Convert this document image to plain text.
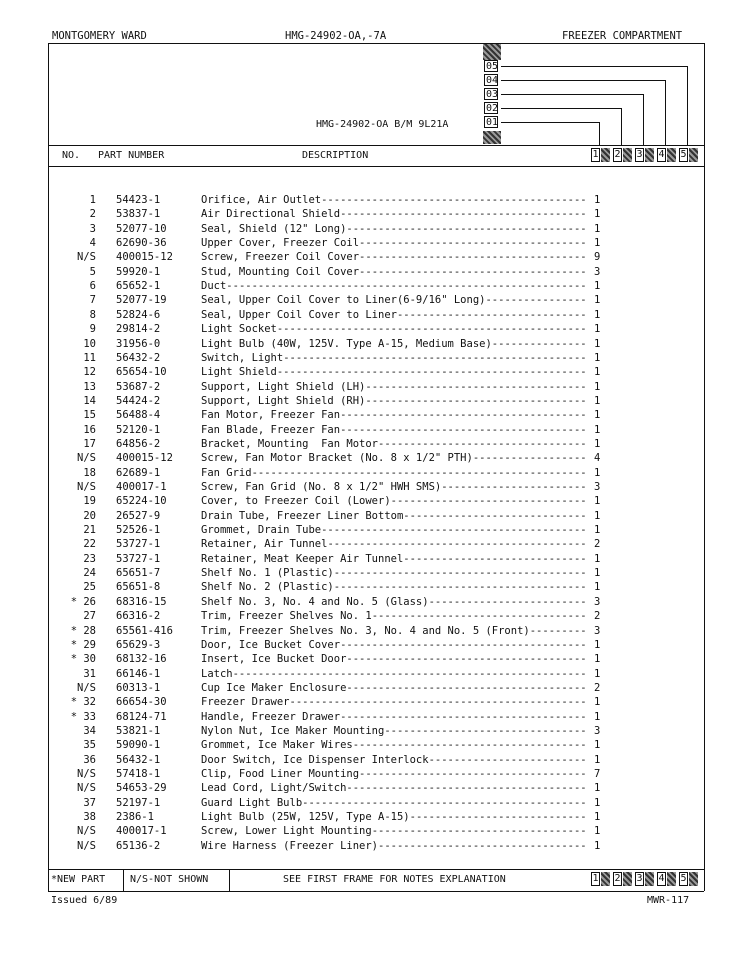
MONTGOMERY WARD	HMG-24902-OA,-7A	FREEZER COMPARTMENT
05
04
03
02
01
HMG-24902-OA B/M 9L21A
NO. PART NUMBER	DESCRIPTION	1 2 3 4 5
1 54423-1	Orifice, Air Outlet------------------------------------------ 1
2 53837-1	Air Directional Shield--------------------------------------- 1
3 52077-10	Seal, Shield (12" Long)-------------------------------------- 1
4 62690-36	Upper Cover, Freezer Coil------------------------------------ 1
N/S 400015-12	Screw, Freezer Coil Cover------------------------------------ 9
5 59920-1	Stud, Mounting Coil Cover------------------------------------ 3
6 65652-1	Duct--------------------------------------------------------- 1
7 52077-19	Seal, Upper Coil Cover to Liner(6-9/16" Long)---------------- 1
8 52824-6	Seal, Upper Coil Cover to Liner------------------------------ 1
9 29814-2	Light Socket------------------------------------------------- 1
10 31956-0	Light Bulb (40W, 125V. Type A-15, Medium Base)--------------- 1
11 56432-2	Switch, Light------------------------------------------------ 1
12 65654-10	Light Shield------------------------------------------------- 1
13 53687-2	Support, Light Shield (LH)----------------------------------- 1
14 54424-2	Support, Light Shield (RH)----------------------------------- 1
15 56488-4	Fan Motor, Freezer Fan--------------------------------------- 1
16 52120-1	Fan Blade, Freezer Fan--------------------------------------- 1
17 64856-2	Bracket, Mounting  Fan Motor--------------------------------- 1
N/S 400015-12	Screw, Fan Motor Bracket (No. 8 x 1/2" PTH)------------------ 4
18 62689-1	Fan Grid----------------------------------------------------- 1
N/S 400017-1	Screw, Fan Grid (No. 8 x 1/2" HWH SMS)----------------------- 3
19 65224-10	Cover, to Freezer Coil (Lower)------------------------------- 1
20 26527-9	Drain Tube, Freezer Liner Bottom----------------------------- 1
21 52526-1	Grommet, Drain Tube------------------------------------------ 1
22 53727-1	Retainer, Air Tunnel----------------------------------------- 2
23 53727-1	Retainer, Meat Keeper Air Tunnel----------------------------- 1
24 65651-7	Shelf No. 1 (Plastic)---------------------------------------- 1
25 65651-8	Shelf No. 2 (Plastic)---------------------------------------- 1
* 26 68316-15	Shelf No. 3, No. 4 and No. 5 (Glass)------------------------- 3
27 66316-2	Trim, Freezer Shelves No. 1---------------------------------- 2
* 28 65561-416	Trim, Freezer Shelves No. 3, No. 4 and No. 5 (Front)--------- 3
* 29 65629-3	Door, Ice Bucket Cover--------------------------------------- 1
* 30 68132-16	Insert, Ice Bucket Door-------------------------------------- 1
31 66146-1	Latch-------------------------------------------------------- 1
N/S 60313-1	Cup Ice Maker Enclosure-------------------------------------- 2
* 32 66654-30	Freezer Drawer----------------------------------------------- 1
* 33 68124-71	Handle, Freezer Drawer--------------------------------------- 1
34 53821-1	Nylon Nut, Ice Maker Mounting-------------------------------- 3
35 59090-1	Grommet, Ice Maker Wires------------------------------------- 1
36 56432-1	Door Switch, Ice Dispenser Interlock------------------------- 1
N/S 57418-1	Clip, Food Liner Mounting------------------------------------ 7
N/S 54653-29	Lead Cord, Light/Switch-------------------------------------- 1
37 52197-1	Guard Light Bulb--------------------------------------------- 1
38 2386-1	Light Bulb (25W, 125V, Type A-15)---------------------------- 1
N/S 400017-1	Screw, Lower Light Mounting---------------------------------- 1
N/S 65136-2	Wire Harness (Freezer Liner)--------------------------------- 1
*NEW PART N/S-NOT SHOWN	SEE FIRST FRAME FOR NOTES EXPLANATION	1 2 3 4 5
Issued 6/89	MWR-117
